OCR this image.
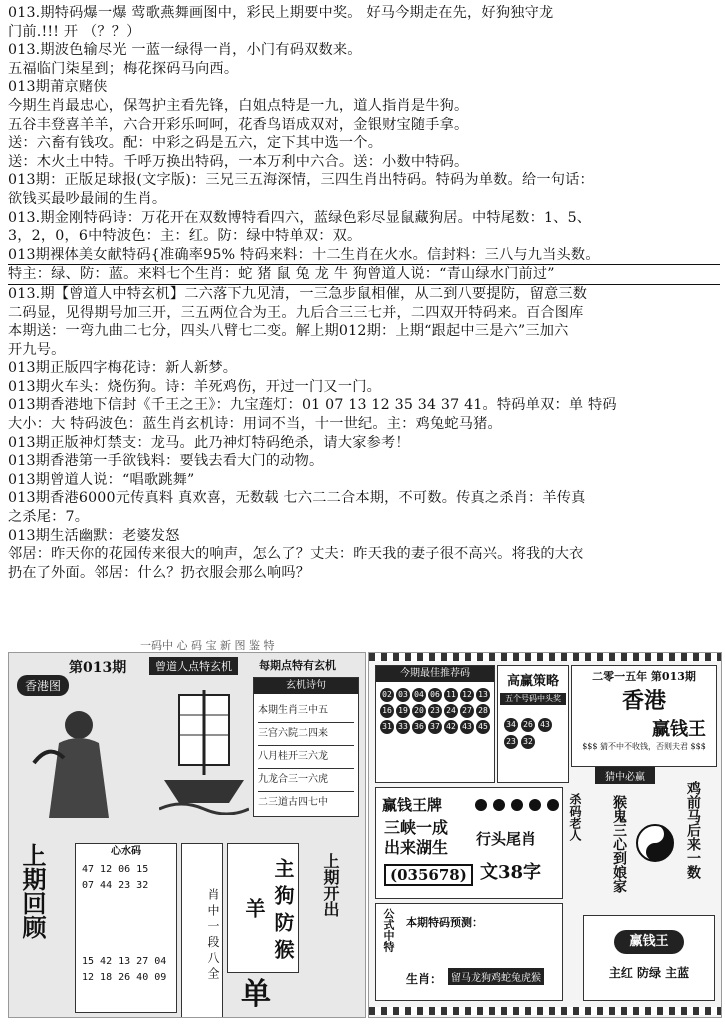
013.期特码爆一爆 莺歌燕舞画图中，彩民上期要中奖。 好马今期走在先，好狗独守龙
门前.!!! 开 （？？）
013.期波色输尽光 一蓝一绿得一肖，小门有码双数来。
五福临门柒星到；梅花探码马向西。
013期莆京赌侠
今期生肖最忠心，保驾护主看先锋，白姐点特是一九，道人指肖是牛狗。
五谷丰登喜羊羊，六合开彩乐呵呵，花香鸟语成双对，金银财宝随手拿。
送：六畜有钱攻。配：中彩之码是五六，定下其中选一个。
送：木火土中特。千呼万换出特码，一本万利中六合。送：小数中特码。
013期：正版足球报(文字版)：三兄三五海深情，三四生肖出特码。特码为单数。给一句话：
欲钱买最吵最闹的生肖。
013.期金刚特码诗：万花开在双数博特看四六，蓝绿色彩尽显鼠藏狗居。中特尾数：1、5、
3，2，0，6中特波色：主：红。防：绿中特单双：双。
013期裸体美女献特码{准确率95% 特码来料：十二生肖在火水。信封料：三八与九当头数。
特主：绿、防：蓝。来料七个生肖：蛇 猪 鼠 兔 龙 牛 狗曾道人说：“青山绿水门前过”
013.期【曾道人中特玄机】二六落下九见清，一三急步鼠相催，从二到八要提防，留意三数
二码显，见得期号加三开，三五两位合为王。九后合三三七并，二四双开特码来。百合图库
本期送：一弯九曲二七分，四头八臂七二变。解上期012期：上期“跟起中三是六”三加六
开九号。
013期正版四字梅花诗：新人新梦。
013期火车头：烧伤狗。诗：羊死鸡伤，开过一门又一门。
013期香港地下信封《千王之王》：九宝莲灯：01 07 13 12 35 34 37 41。特码单双：单 特码
大小：大 特码波色：蓝生肖玄机诗：用词不当，十一世纪。主：鸡兔蛇马猪。
013期正版神灯禁支：龙马。此乃神灯特码绝杀，请大家参考！
013期香港第一手欲钱料：要钱去看大门的动物。
013期曾道人说：“唱歌跳舞”
013期香港6000元传真料 真欢喜，无数载 七六二二合本期，不可数。传真之杀肖：羊传真
之杀尾：7。
013期生活幽默：老婆发怒
邻居：昨天你的花园传来很大的响声，怎么了？丈夫：昨天我的妻子很不高兴。将我的大衣
扔在了外面。邻居：什么？扔衣服会那么响吗？
一码中 心 码 宝 新 图 鉴 特
第013期	曾道人点特玄机	每期点特有玄机
香港图	玄机诗句
本期生肖三中五
三宫六院二四来
八月桂开三六龙
九龙合三一六虎
二三道古四七中
上期回顾	心水码
47 12 06 15
07 44 23 32
15 42 13 27 04
12 18 26 40 09	肖 中 一 段 八 全	主 狗 防 猴 羊
单
上期开出
今期最佳推荐码
02 03 04 06 11 12 13
16 19 20 23 24 27 28
31 33 36 37 42 43 45
高赢策略
五个号码中头奖
34 26 43
23 32
二零一五年 第013期
香港
赢钱王
$$$ 猜不中不收钱，否则夫君 $$$
猜中必赢
赢钱王牌
三峡一成
出来湖生
(035678)
行头尾肖
文38字
杀码老人 猴鬼三心到娘家	鸡前马后来一数
公式中特 本期特码预测：
生肖： 留马龙狗鸡蛇兔虎猴
赢钱王
主红 防绿 主蓝
